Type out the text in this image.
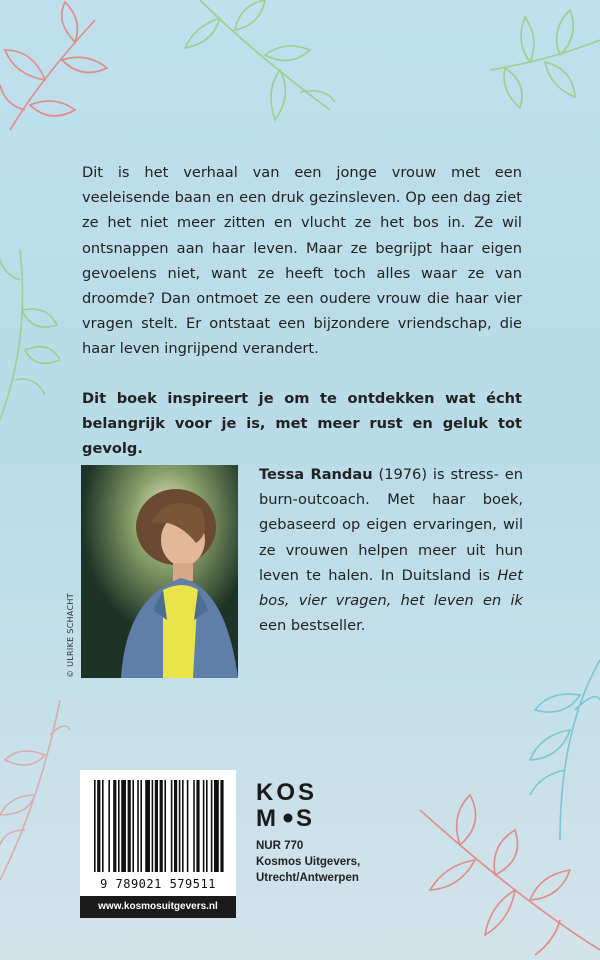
Dit is het verhaal van een jonge vrouw met een veeleisende baan en een druk gezinsleven. Op een dag ziet ze het niet meer zitten en vlucht ze het bos in. Ze wil ontsnappen aan haar leven. Maar ze begrijpt haar eigen gevoelens niet, want ze heeft toch alles waar ze van droomde? Dan ontmoet ze een oudere vrouw die haar vier vragen stelt. Er ontstaat een bijzondere vriendschap, die haar leven ingrijpend verandert.

Dit boek inspireert je om te ontdekken wat écht belangrijk voor je is, met meer rust en geluk tot gevolg.

© ULRIKE SCHACHT

Tessa Randau (1976) is stress- en burn-outcoach. Met haar boek, gebaseerd op eigen ervaringen, wil ze vrouwen helpen meer uit hun leven te halen. In Duitsland is Het bos, vier vragen, het leven en ik een bestseller.

9 789021 579511
www.kosmosuitgevers.nl
KOS
M S
NUR 770
Kosmos Uitgevers,
Utrecht/Antwerpen
